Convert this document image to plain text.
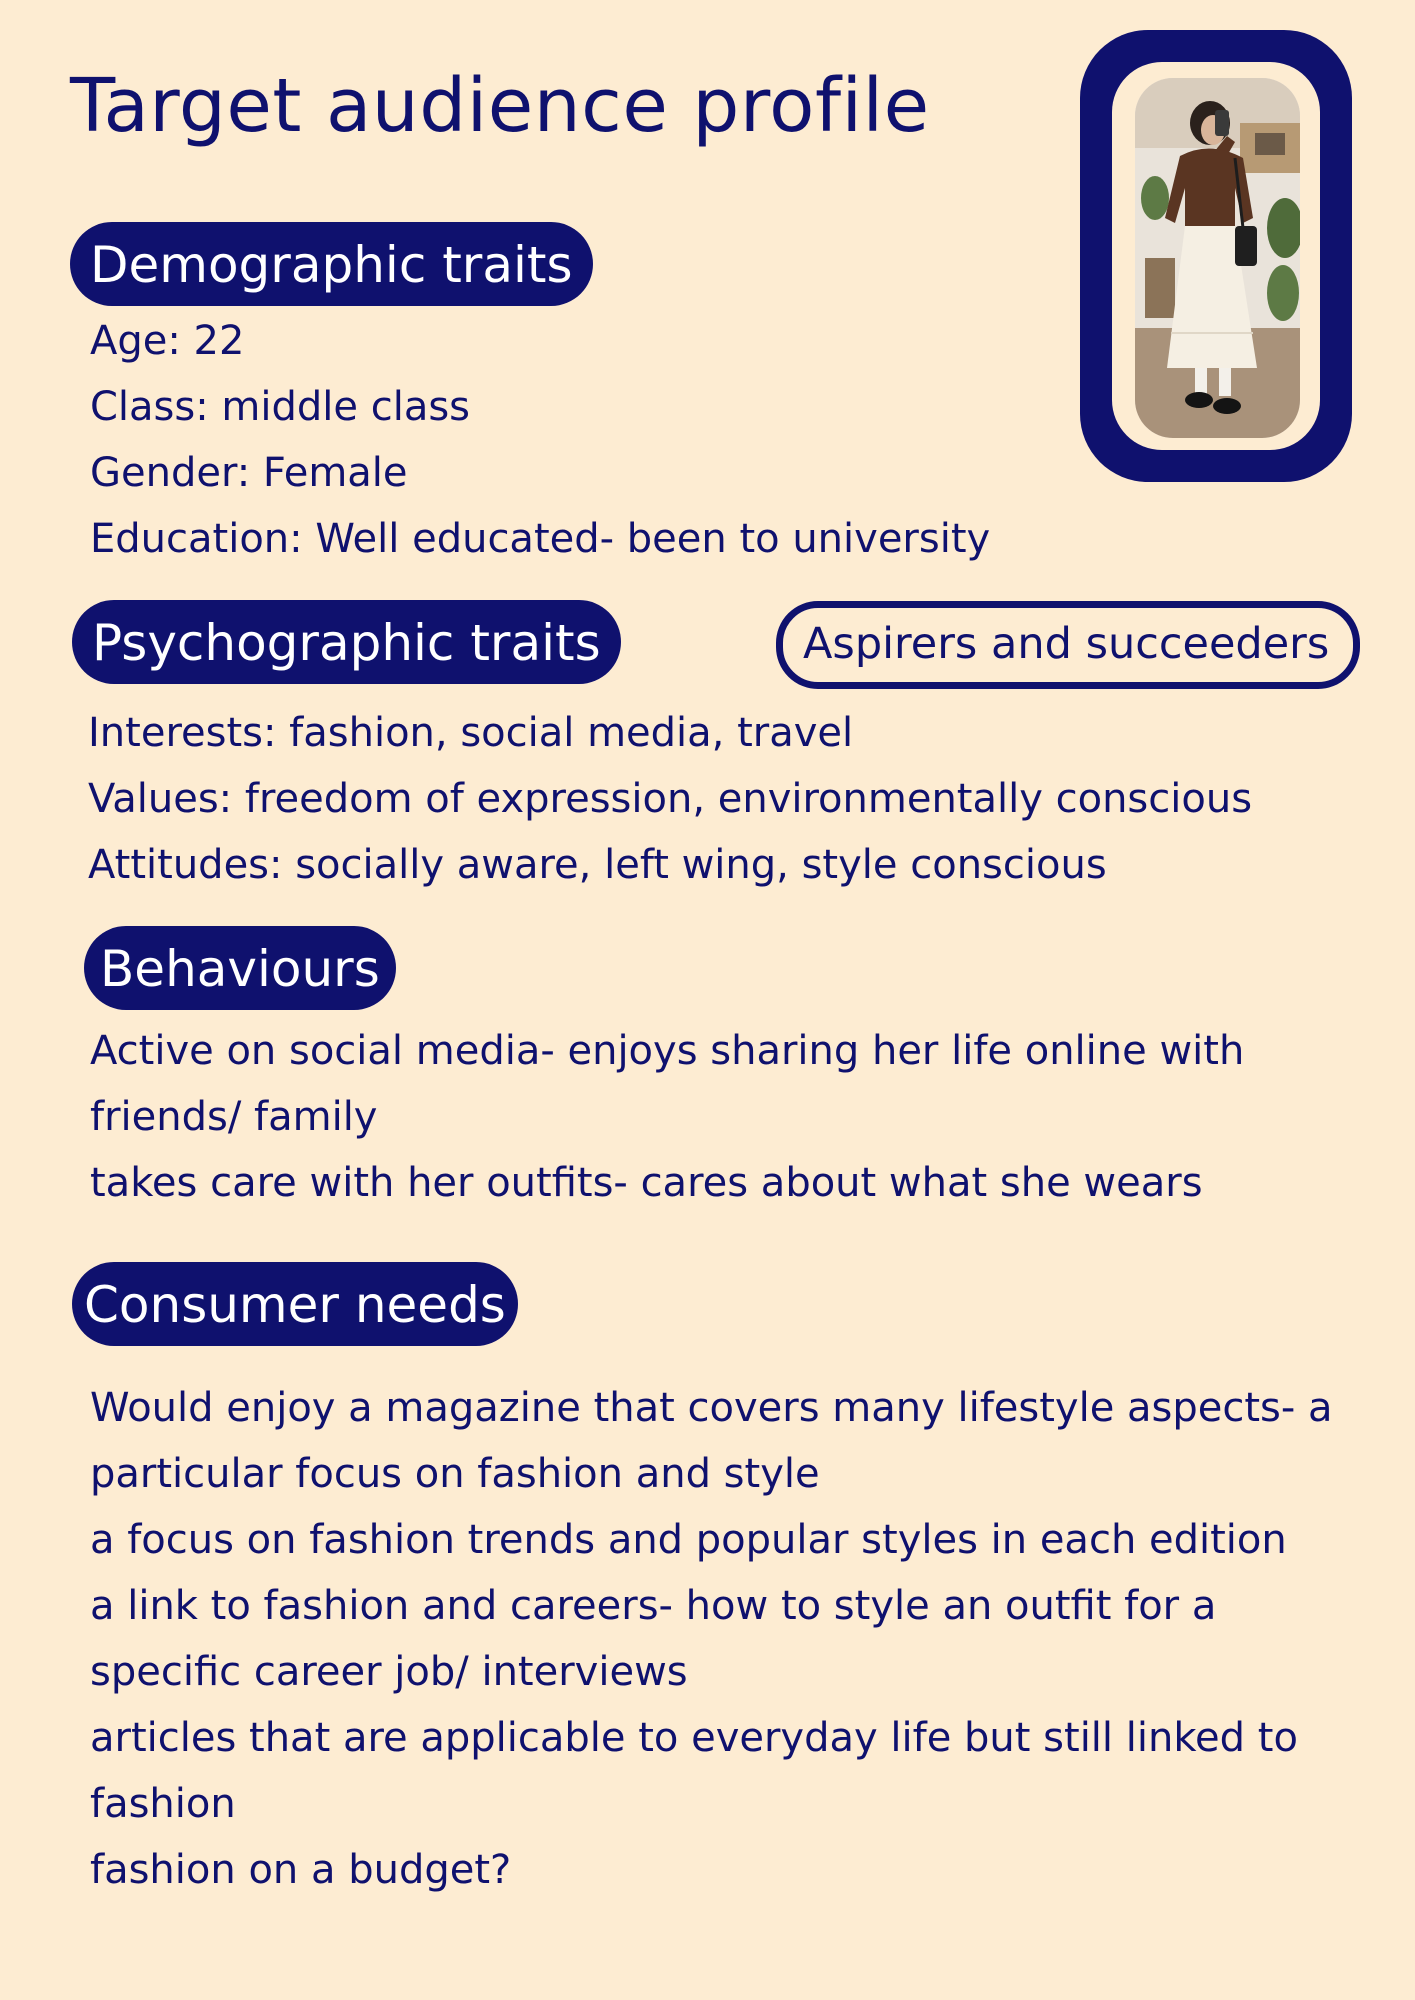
Target audience profile
Demographic traits
Age: 22
Class: middle class
Gender: Female
Education: Well educated- been to university
Psychographic traits	Aspirers and succeeders
Interests: fashion, social media, travel
Values: freedom of expression, environmentally conscious
Attitudes: socially aware, left wing, style conscious
Behaviours
Active on social media- enjoys sharing her life online with
friends/ family
takes care with her outfits- cares about what she wears
Consumer needs
Would enjoy a magazine that covers many lifestyle aspects- a
particular focus on fashion and style
a focus on fashion trends and popular styles in each edition
a link to fashion and careers- how to style an outfit for a
specific career job/ interviews
articles that are applicable to everyday life but still linked to
fashion
fashion on a budget?
